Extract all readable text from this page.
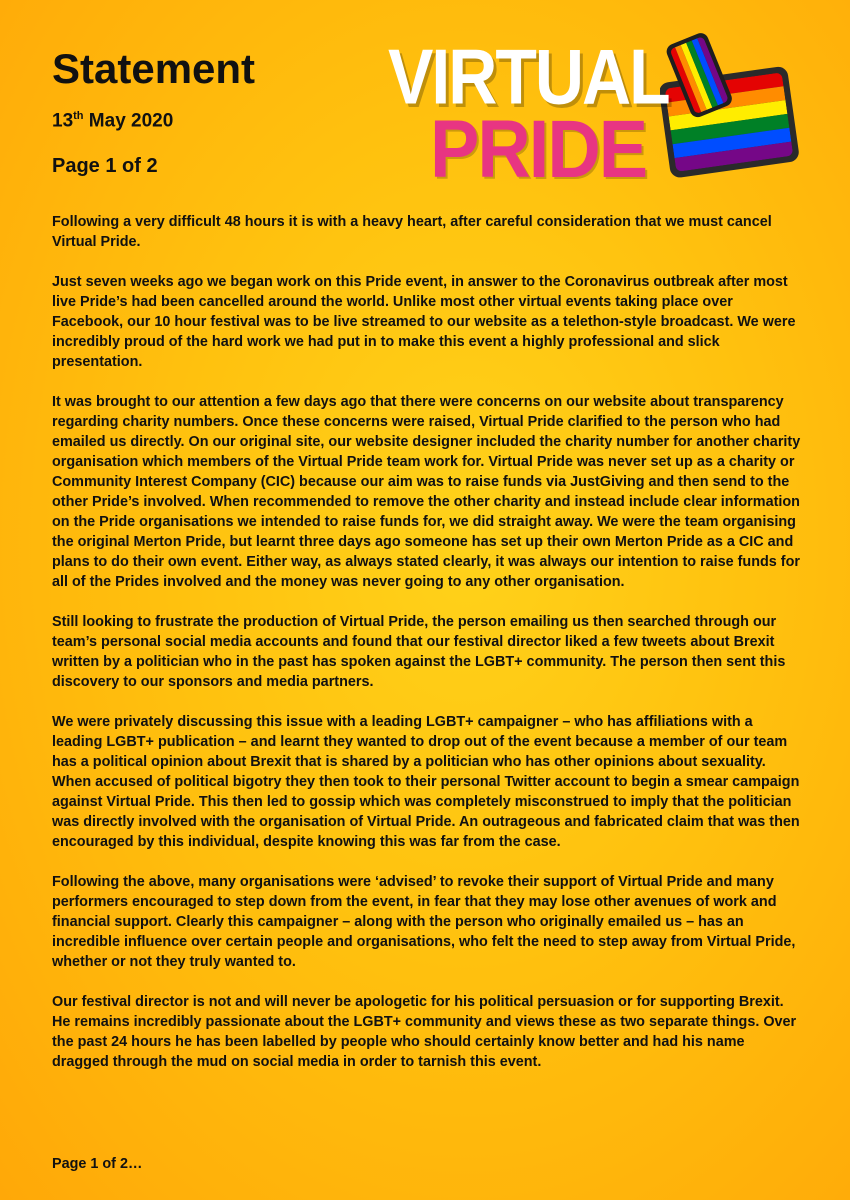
Statement
13th May 2020
Page 1 of 2
VIRTUAL
PRIDE

Following a very difficult 48 hours it is with a heavy heart, after careful consideration that we must cancel Virtual Pride.

Just seven weeks ago we began work on this Pride event, in answer to the Coronavirus outbreak after most live Pride’s had been cancelled around the world. Unlike most other virtual events taking place over Facebook, our 10 hour festival was to be live streamed to our website as a telethon-style broadcast. We were incredibly proud of the hard work we had put in to make this event a highly professional and slick presentation.

It was brought to our attention a few days ago that there were concerns on our website about transparency regarding charity numbers. Once these concerns were raised, Virtual Pride clarified to the person who had emailed us directly. On our original site, our website designer included the charity number for another charity organisation which members of the Virtual Pride team work for. Virtual Pride was never set up as a charity or Community Interest Company (CIC) because our aim was to raise funds via JustGiving and then send to the other Pride’s involved. When recommended to remove the other charity and instead include clear information on the Pride organisations we intended to raise funds for, we did straight away. We were the team organising the original Merton Pride, but learnt three days ago someone has set up their own Merton Pride as a CIC and plans to do their own event. Either way, as always stated clearly, it was always our intention to raise funds for all of the Prides involved and the money was never going to any other organisation.

Still looking to frustrate the production of Virtual Pride, the person emailing us then searched through our team’s personal social media accounts and found that our festival director liked a few tweets about Brexit written by a politician who in the past has spoken against the LGBT+ community. The person then sent this discovery to our sponsors and media partners.

We were privately discussing this issue with a leading LGBT+ campaigner – who has affiliations with a leading LGBT+ publication – and learnt they wanted to drop out of the event because a member of our team has a political opinion about Brexit that is shared by a politician who has other opinions about sexuality. When accused of political bigotry they then took to their personal Twitter account to begin a smear campaign against Virtual Pride. This then led to gossip which was completely misconstrued to imply that the politician was directly involved with the organisation of Virtual Pride. An outrageous and fabricated claim that was then encouraged by this individual, despite knowing this was far from the case.

Following the above, many organisations were ‘advised’ to revoke their support of Virtual Pride and many performers encouraged to step down from the event, in fear that they may lose other avenues of work and financial support. Clearly this campaigner – along with the person who originally emailed us – has an incredible influence over certain people and organisations, who felt the need to step away from Virtual Pride, whether or not they truly wanted to.

Our festival director is not and will never be apologetic for his political persuasion or for supporting Brexit. He remains incredibly passionate about the LGBT+ community and views these as two separate things. Over the past 24 hours he has been labelled by people who should certainly know better and had his name dragged through the mud on social media in order to tarnish this event.

Page 1 of 2…
